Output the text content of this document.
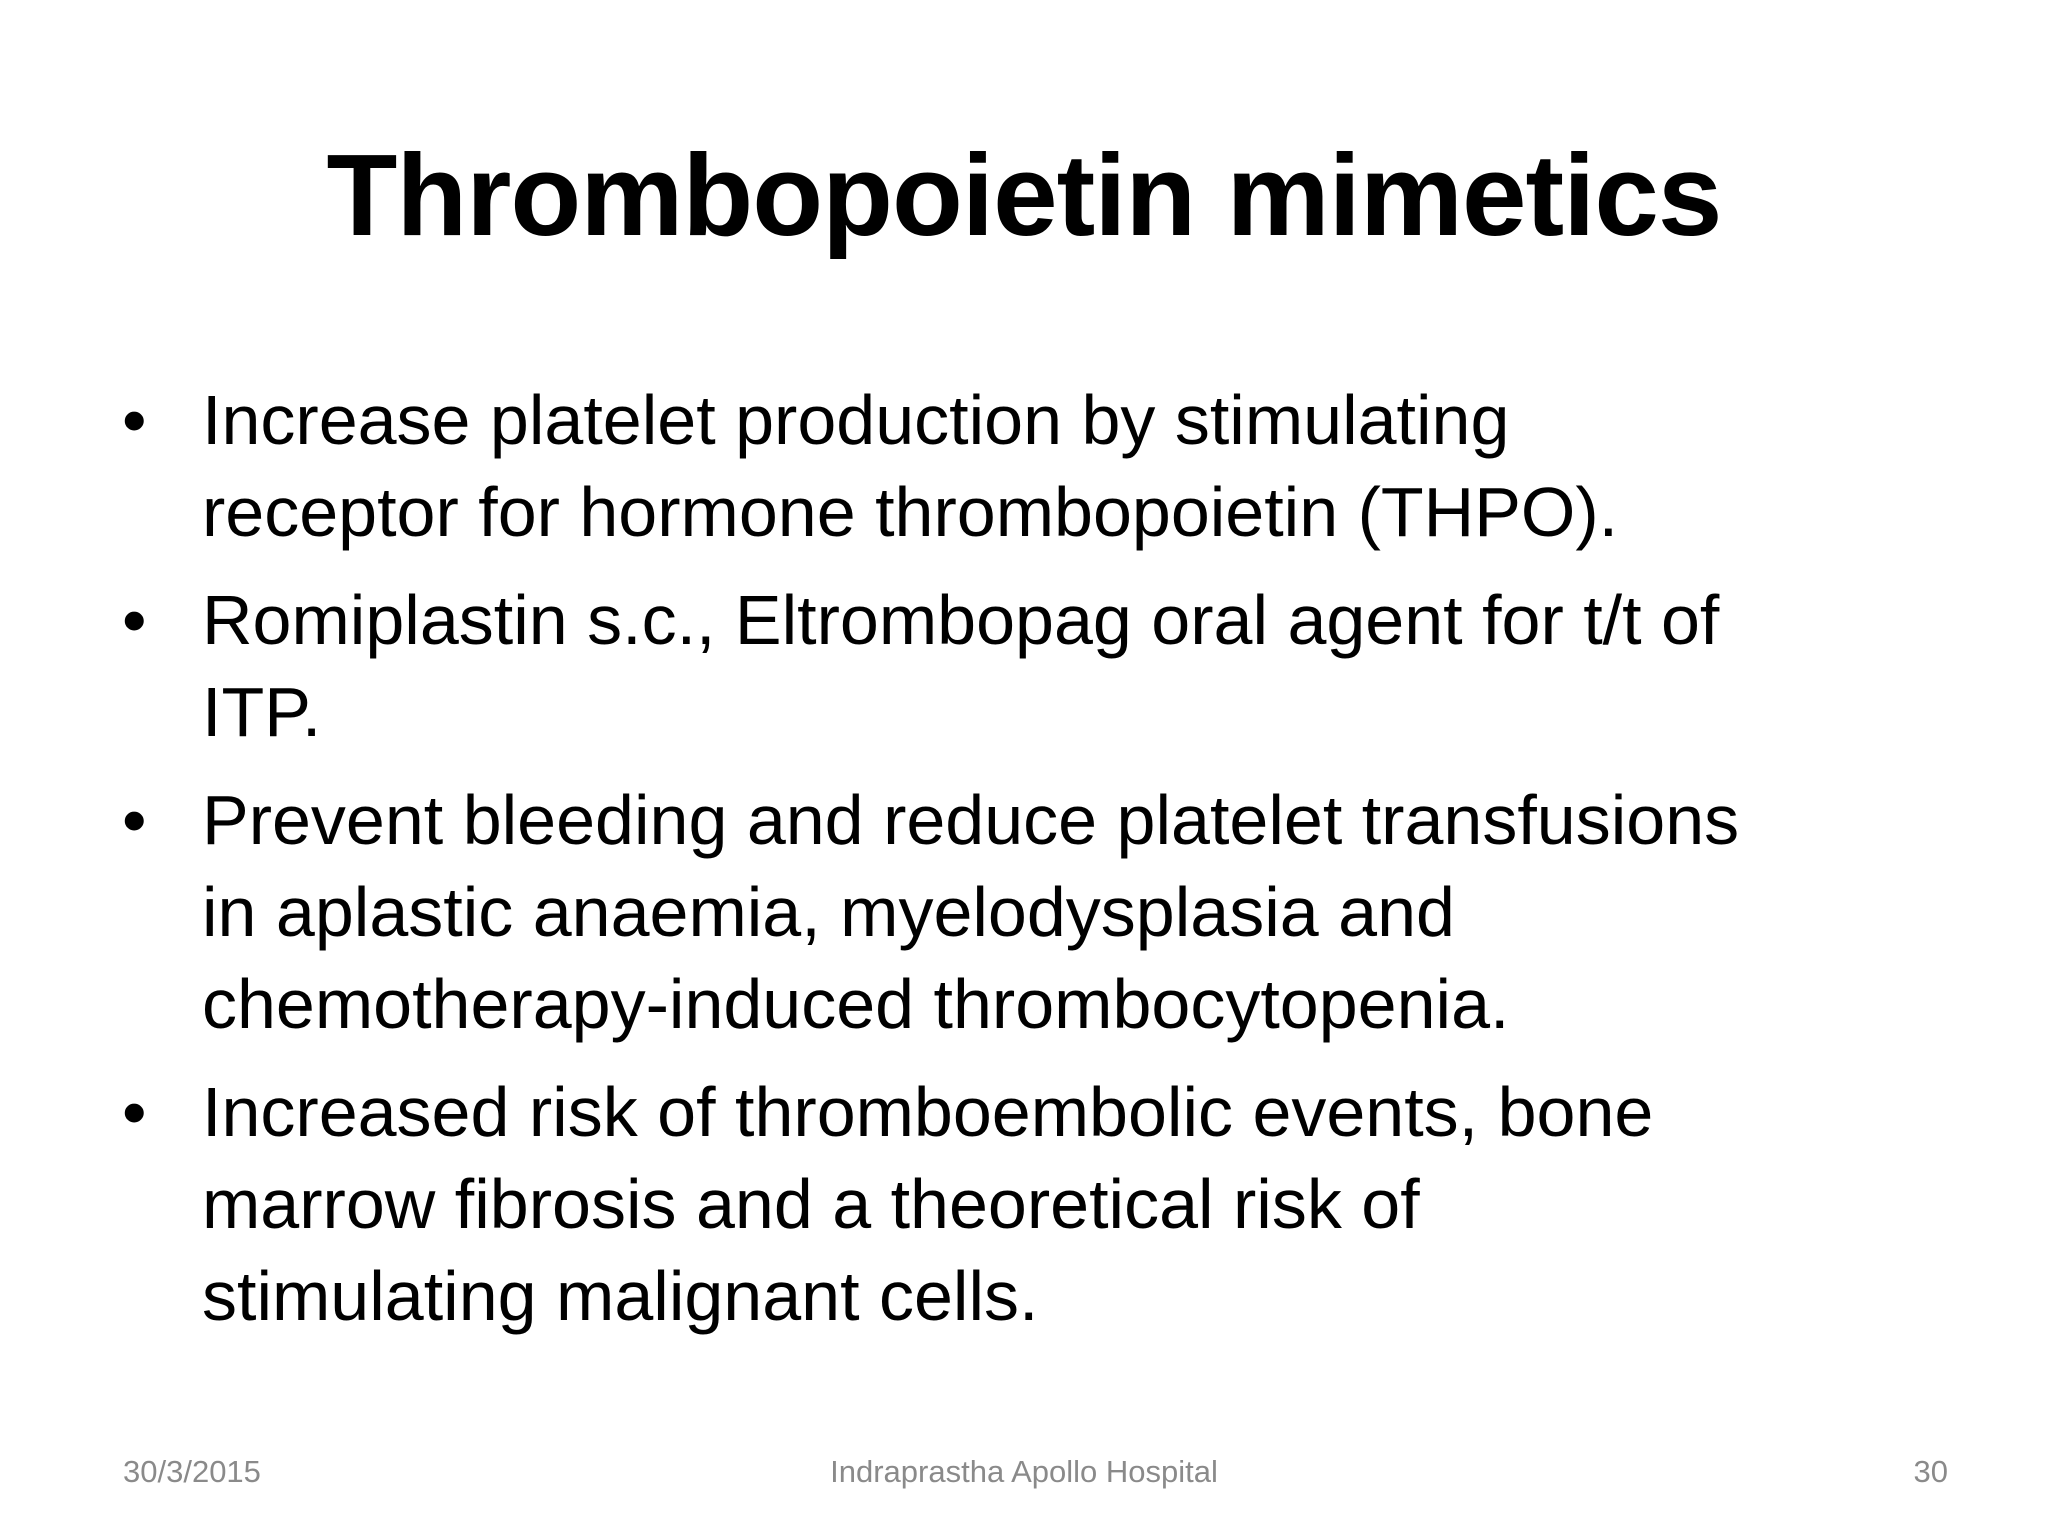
Thrombopoietin mimetics
• Increase platelet production by stimulating
receptor for hormone thrombopoietin (THPO).
• Romiplastin s.c., Eltrombopag oral agent for t/t of
ITP.
• Prevent bleeding and reduce platelet transfusions
in aplastic anaemia, myelodysplasia and
chemotherapy-induced thrombocytopenia.
• Increased risk of thromboembolic events, bone
marrow fibrosis and a theoretical risk of
stimulating malignant cells.
30/3/2015	Indraprastha Apollo Hospital	30
